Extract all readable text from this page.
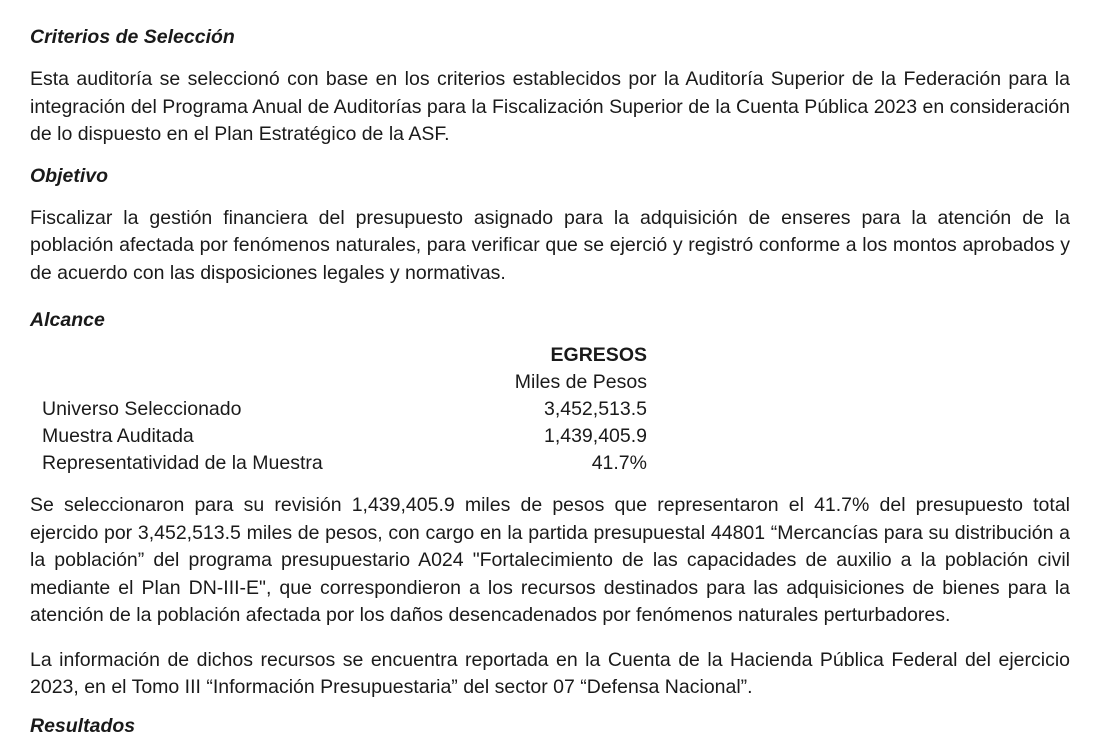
Criterios de Selección

Esta auditoría se seleccionó con base en los criterios establecidos por la Auditoría Superior de la Federación para la integración del Programa Anual de Auditorías para la Fiscalización Superior de la Cuenta Pública 2023 en consideración de lo dispuesto en el Plan Estratégico de la ASF.

Objetivo

Fiscalizar la gestión financiera del presupuesto asignado para la adquisición de enseres para la atención de la población afectada por fenómenos naturales, para verificar que se ejerció y registró conforme a los montos aprobados y de acuerdo con las disposiciones legales y normativas.

Alcance
EGRESOS
Miles de Pesos
Universo Seleccionado	3,452,513.5
Muestra Auditada	1,439,405.9
Representatividad de la Muestra	41.7%

Se seleccionaron para su revisión 1,439,405.9 miles de pesos que representaron el 41.7% del presupuesto total ejercido por 3,452,513.5 miles de pesos, con cargo en la partida presupuestal 44801 “Mercancías para su distribución a la población” del programa presupuestario A024 "Fortalecimiento de las capacidades de auxilio a la población civil mediante el Plan DN-III-E", que correspondieron a los recursos destinados para las adquisiciones de bienes para la atención de la población afectada por los daños desencadenados por fenómenos naturales perturbadores.

La información de dichos recursos se encuentra reportada en la Cuenta de la Hacienda Pública Federal del ejercicio 2023, en el Tomo III “Información Presupuestaria” del sector 07 “Defensa Nacional”.

Resultados
